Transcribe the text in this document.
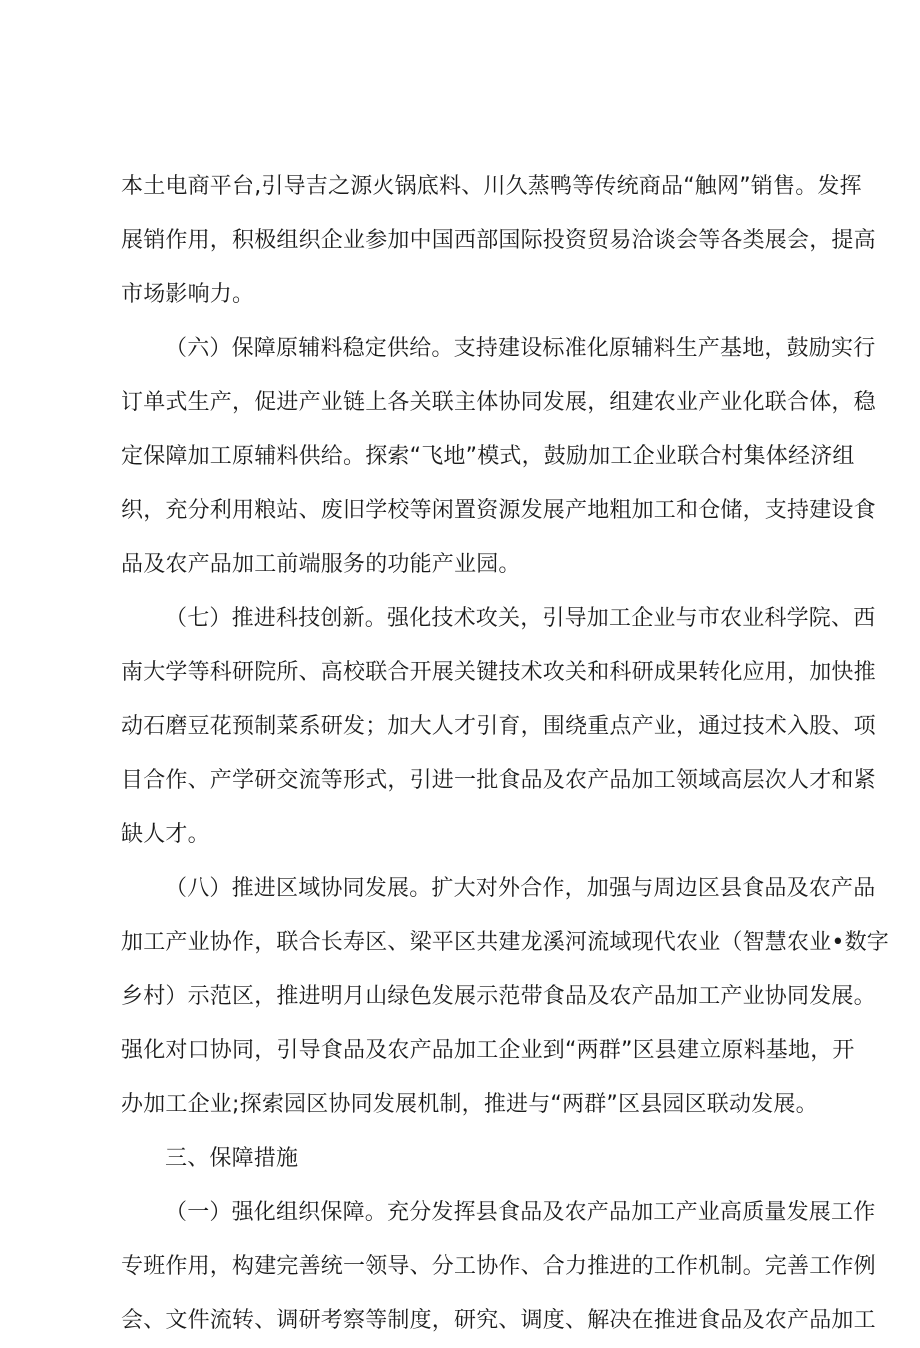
本土电商平台,引导吉之源火锅底料、川久蒸鸭等传统商品“触网”销售。发挥
展销作用，积极组织企业参加中国西部国际投资贸易洽谈会等各类展会，提高
市场影响力。
（六）保障原辅料稳定供给。支持建设标准化原辅料生产基地，鼓励实行
订单式生产，促进产业链上各关联主体协同发展，组建农业产业化联合体，稳
定保障加工原辅料供给。探索“飞地”模式，鼓励加工企业联合村集体经济组
织，充分利用粮站、废旧学校等闲置资源发展产地粗加工和仓储，支持建设食
品及农产品加工前端服务的功能产业园。
（七）推进科技创新。强化技术攻关，引导加工企业与市农业科学院、西
南大学等科研院所、高校联合开展关键技术攻关和科研成果转化应用，加快推
动石磨豆花预制菜系研发；加大人才引育，围绕重点产业，通过技术入股、项
目合作、产学研交流等形式，引进一批食品及农产品加工领域高层次人才和紧
缺人才。
（八）推进区域协同发展。扩大对外合作，加强与周边区县食品及农产品
加工产业协作，联合长寿区、梁平区共建龙溪河流域现代农业（智慧农业•数字
乡村）示范区，推进明月山绿色发展示范带食品及农产品加工产业协同发展。
强化对口协同，引导食品及农产品加工企业到“两群”区县建立原料基地，开
办加工企业;探索园区协同发展机制，推进与“两群”区县园区联动发展。
三、保障措施
（一）强化组织保障。充分发挥县食品及农产品加工产业高质量发展工作
专班作用，构建完善统一领导、分工协作、合力推进的工作机制。完善工作例
会、文件流转、调研考察等制度，研究、调度、解决在推进食品及农产品加工
